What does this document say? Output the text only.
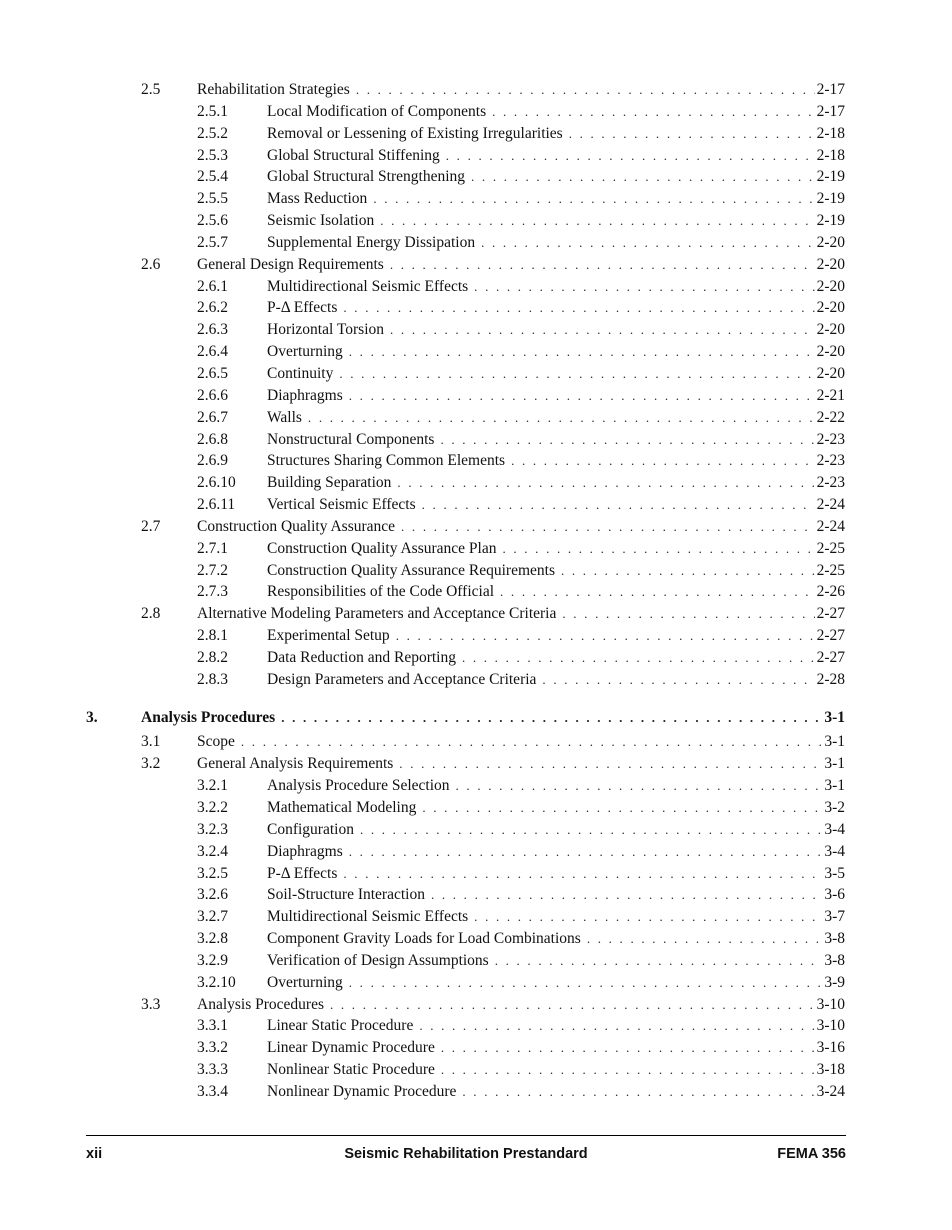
2.5 Rehabilitation Strategies . . .	2-17
2.5.1	Local Modification of Components . . .	2-17
2.5.2	Removal or Lessening of Existing Irregularities . . .	2-18
2.5.3	Global Structural Stiffening . . .	2-18
2.5.4	Global Structural Strengthening . . .	2-19
2.5.5	Mass Reduction . . .	2-19
2.5.6	Seismic Isolation . . .	2-19
2.5.7	Supplemental Energy Dissipation . . .	2-20
2.6 General Design Requirements . . .	2-20
2.6.1	Multidirectional Seismic Effects . . .	2-20
2.6.2	P-Δ Effects . . .	2-20
2.6.3	Horizontal Torsion . . .	2-20
2.6.4	Overturning . . .	2-20
2.6.5	Continuity . . .	2-20
2.6.6	Diaphragms . . .	2-21
2.6.7	Walls . . .	2-22
2.6.8	Nonstructural Components . . .	2-23
2.6.9	Structures Sharing Common Elements . . .	2-23
2.6.10 Building Separation . . .	2-23
2.6.11 Vertical Seismic Effects . . .	2-24
2.7 Construction Quality Assurance . . .	2-24
2.7.1	Construction Quality Assurance Plan . . .	2-25
2.7.2	Construction Quality Assurance Requirements . . .	2-25
2.7.3	Responsibilities of the Code Official . . .	2-26
2.8 Alternative Modeling Parameters and Acceptance Criteria . . .	2-27
2.8.1	Experimental Setup . . .	2-27
2.8.2	Data Reduction and Reporting . . .	2-27
2.8.3	Design Parameters and Acceptance Criteria . . .	2-28
3.	Analysis Procedures . . .	3-1
3.1 Scope . . .	3-1
3.2 General Analysis Requirements . . .	3-1
3.2.1	Analysis Procedure Selection . . .	3-1
3.2.2	Mathematical Modeling . . .	3-2
3.2.3	Configuration . . .	3-4
3.2.4	Diaphragms . . .	3-4
3.2.5	P-Δ Effects . . .	3-5
3.2.6	Soil-Structure Interaction . . .	3-6
3.2.7	Multidirectional Seismic Effects . . .	3-7
3.2.8	Component Gravity Loads for Load Combinations . . .	3-8
3.2.9	Verification of Design Assumptions . . .	3-8
3.2.10 Overturning . . .	3-9
3.3 Analysis Procedures . . .	3-10
3.3.1	Linear Static Procedure . . .	3-10
3.3.2	Linear Dynamic Procedure . . .	3-16
3.3.3	Nonlinear Static Procedure . . .	3-18
3.3.4	Nonlinear Dynamic Procedure . . .	3-24
xii	Seismic Rehabilitation Prestandard	FEMA 356
